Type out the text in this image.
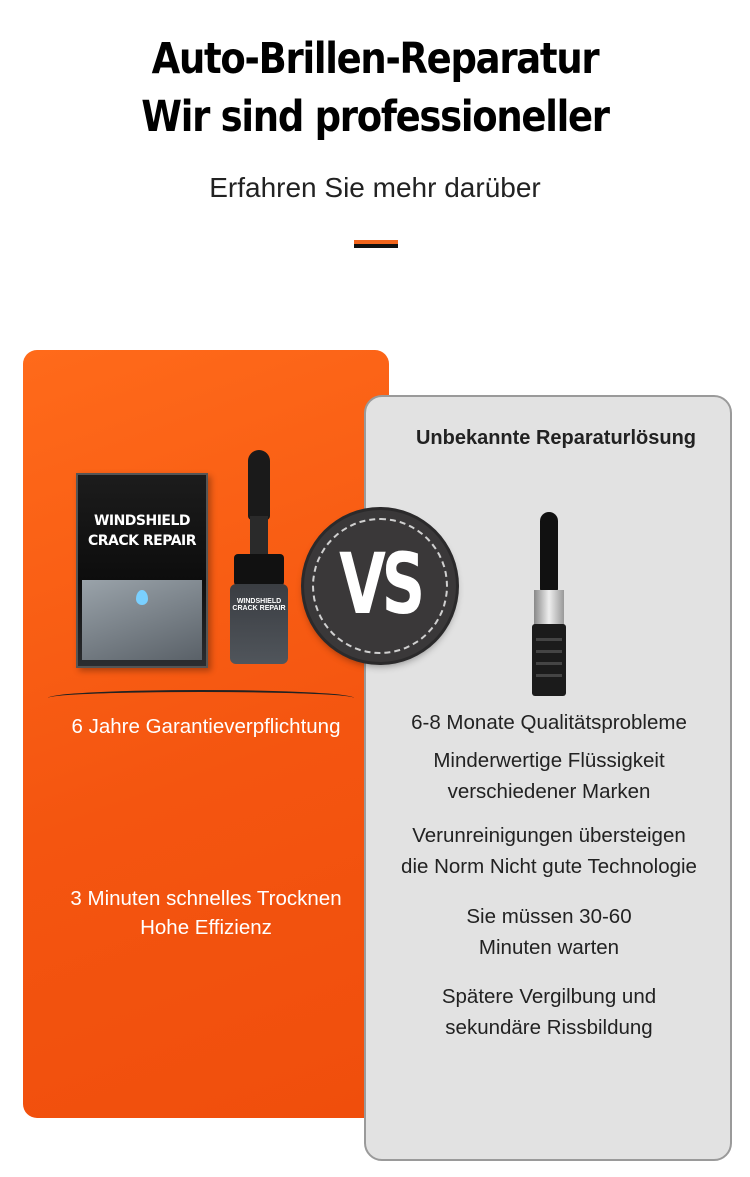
Auto-Brillen-Reparatur
Wir sind professioneller
Erfahren Sie mehr darüber
6 Jahre Garantieverpflichtung
3 Minuten schnelles Trocknen
Hohe Effizienz
Unbekannte Reparaturlösung
6-8 Monate Qualitätsprobleme
Minderwertige Flüssigkeit
verschiedener Marken
Verunreinigungen übersteigen
die Norm Nicht gute Technologie
Sie müssen 30-60
Minuten warten
Spätere Vergilbung und
sekundäre Rissbildung
WINDSHIELD
CRACK REPAIR
WINDSHIELD CRACK REPAIR VS
